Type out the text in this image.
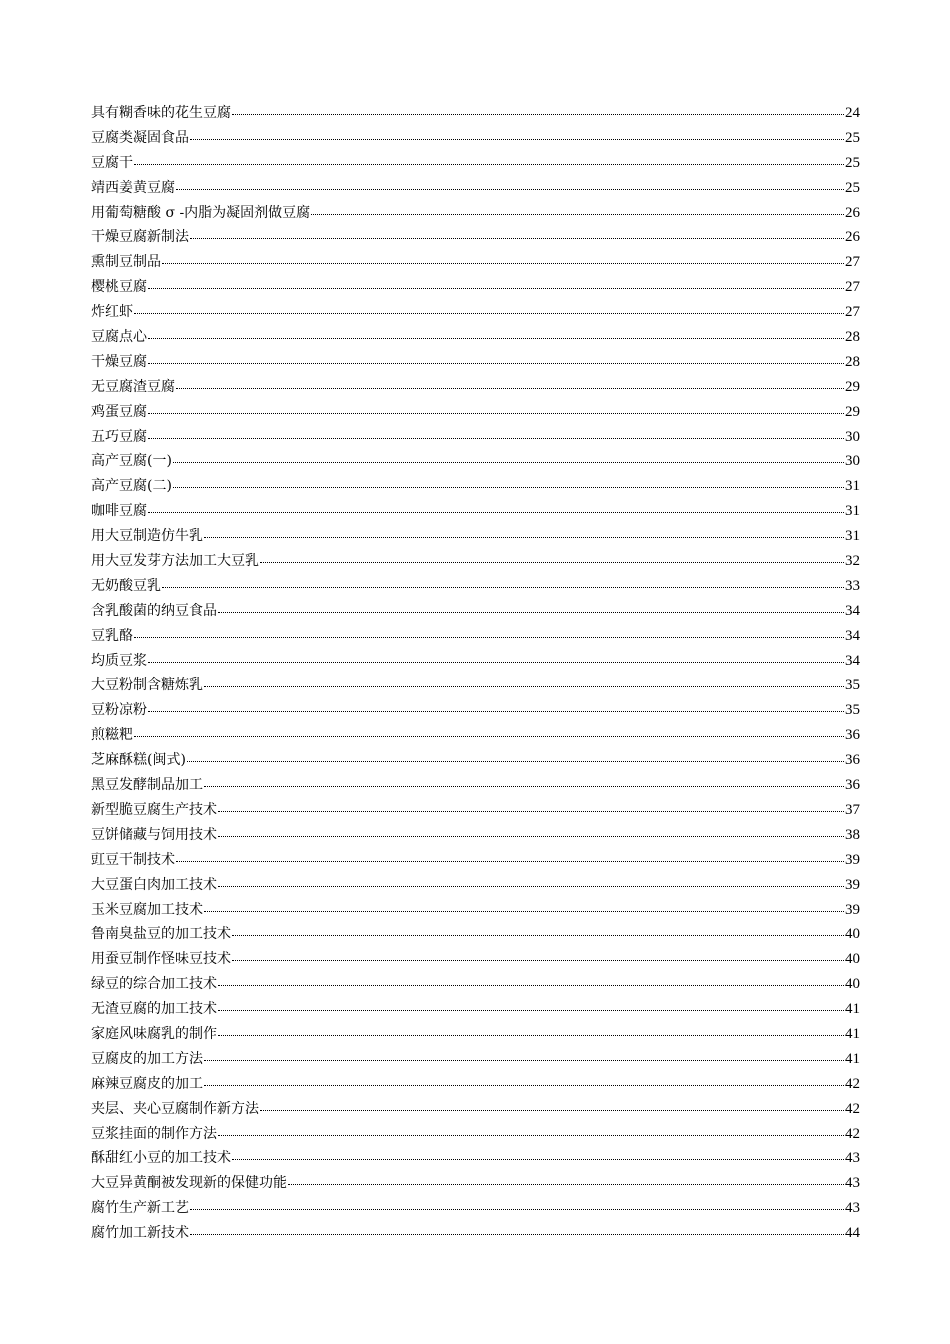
具有糊香味的花生豆腐	24
豆腐类凝固食品	25
豆腐干	25
靖西姜黄豆腐	25
用葡萄糖酸 σ -内脂为凝固剂做豆腐	26
干燥豆腐新制法	26
熏制豆制品	27
樱桃豆腐	27
炸红虾	27
豆腐点心	28
干燥豆腐	28
无豆腐渣豆腐	29
鸡蛋豆腐	29
五巧豆腐	30
高产豆腐(一)	30
高产豆腐(二)	31
咖啡豆腐	31
用大豆制造仿牛乳	31
用大豆发芽方法加工大豆乳	32
无奶酸豆乳	33
含乳酸菌的纳豆食品	34
豆乳酪	34
均质豆浆	34
大豆粉制含糖炼乳	35
豆粉凉粉	35
煎糍粑	36
芝麻酥糕(闽式)	36
黑豆发酵制品加工	36
新型脆豆腐生产技术	37
豆饼储藏与饲用技术	38
豇豆干制技术	39
大豆蛋白肉加工技术	39
玉米豆腐加工技术	39
鲁南臭盐豆的加工技术	40
用蚕豆制作怪味豆技术	40
绿豆的综合加工技术	40
无渣豆腐的加工技术	41
家庭风味腐乳的制作	41
豆腐皮的加工方法	41
麻辣豆腐皮的加工	42
夹层、夹心豆腐制作新方法	42
豆浆挂面的制作方法	42
酥甜红小豆的加工技术	43
大豆异黄酮被发现新的保健功能	43
腐竹生产新工艺	43
腐竹加工新技术	44
